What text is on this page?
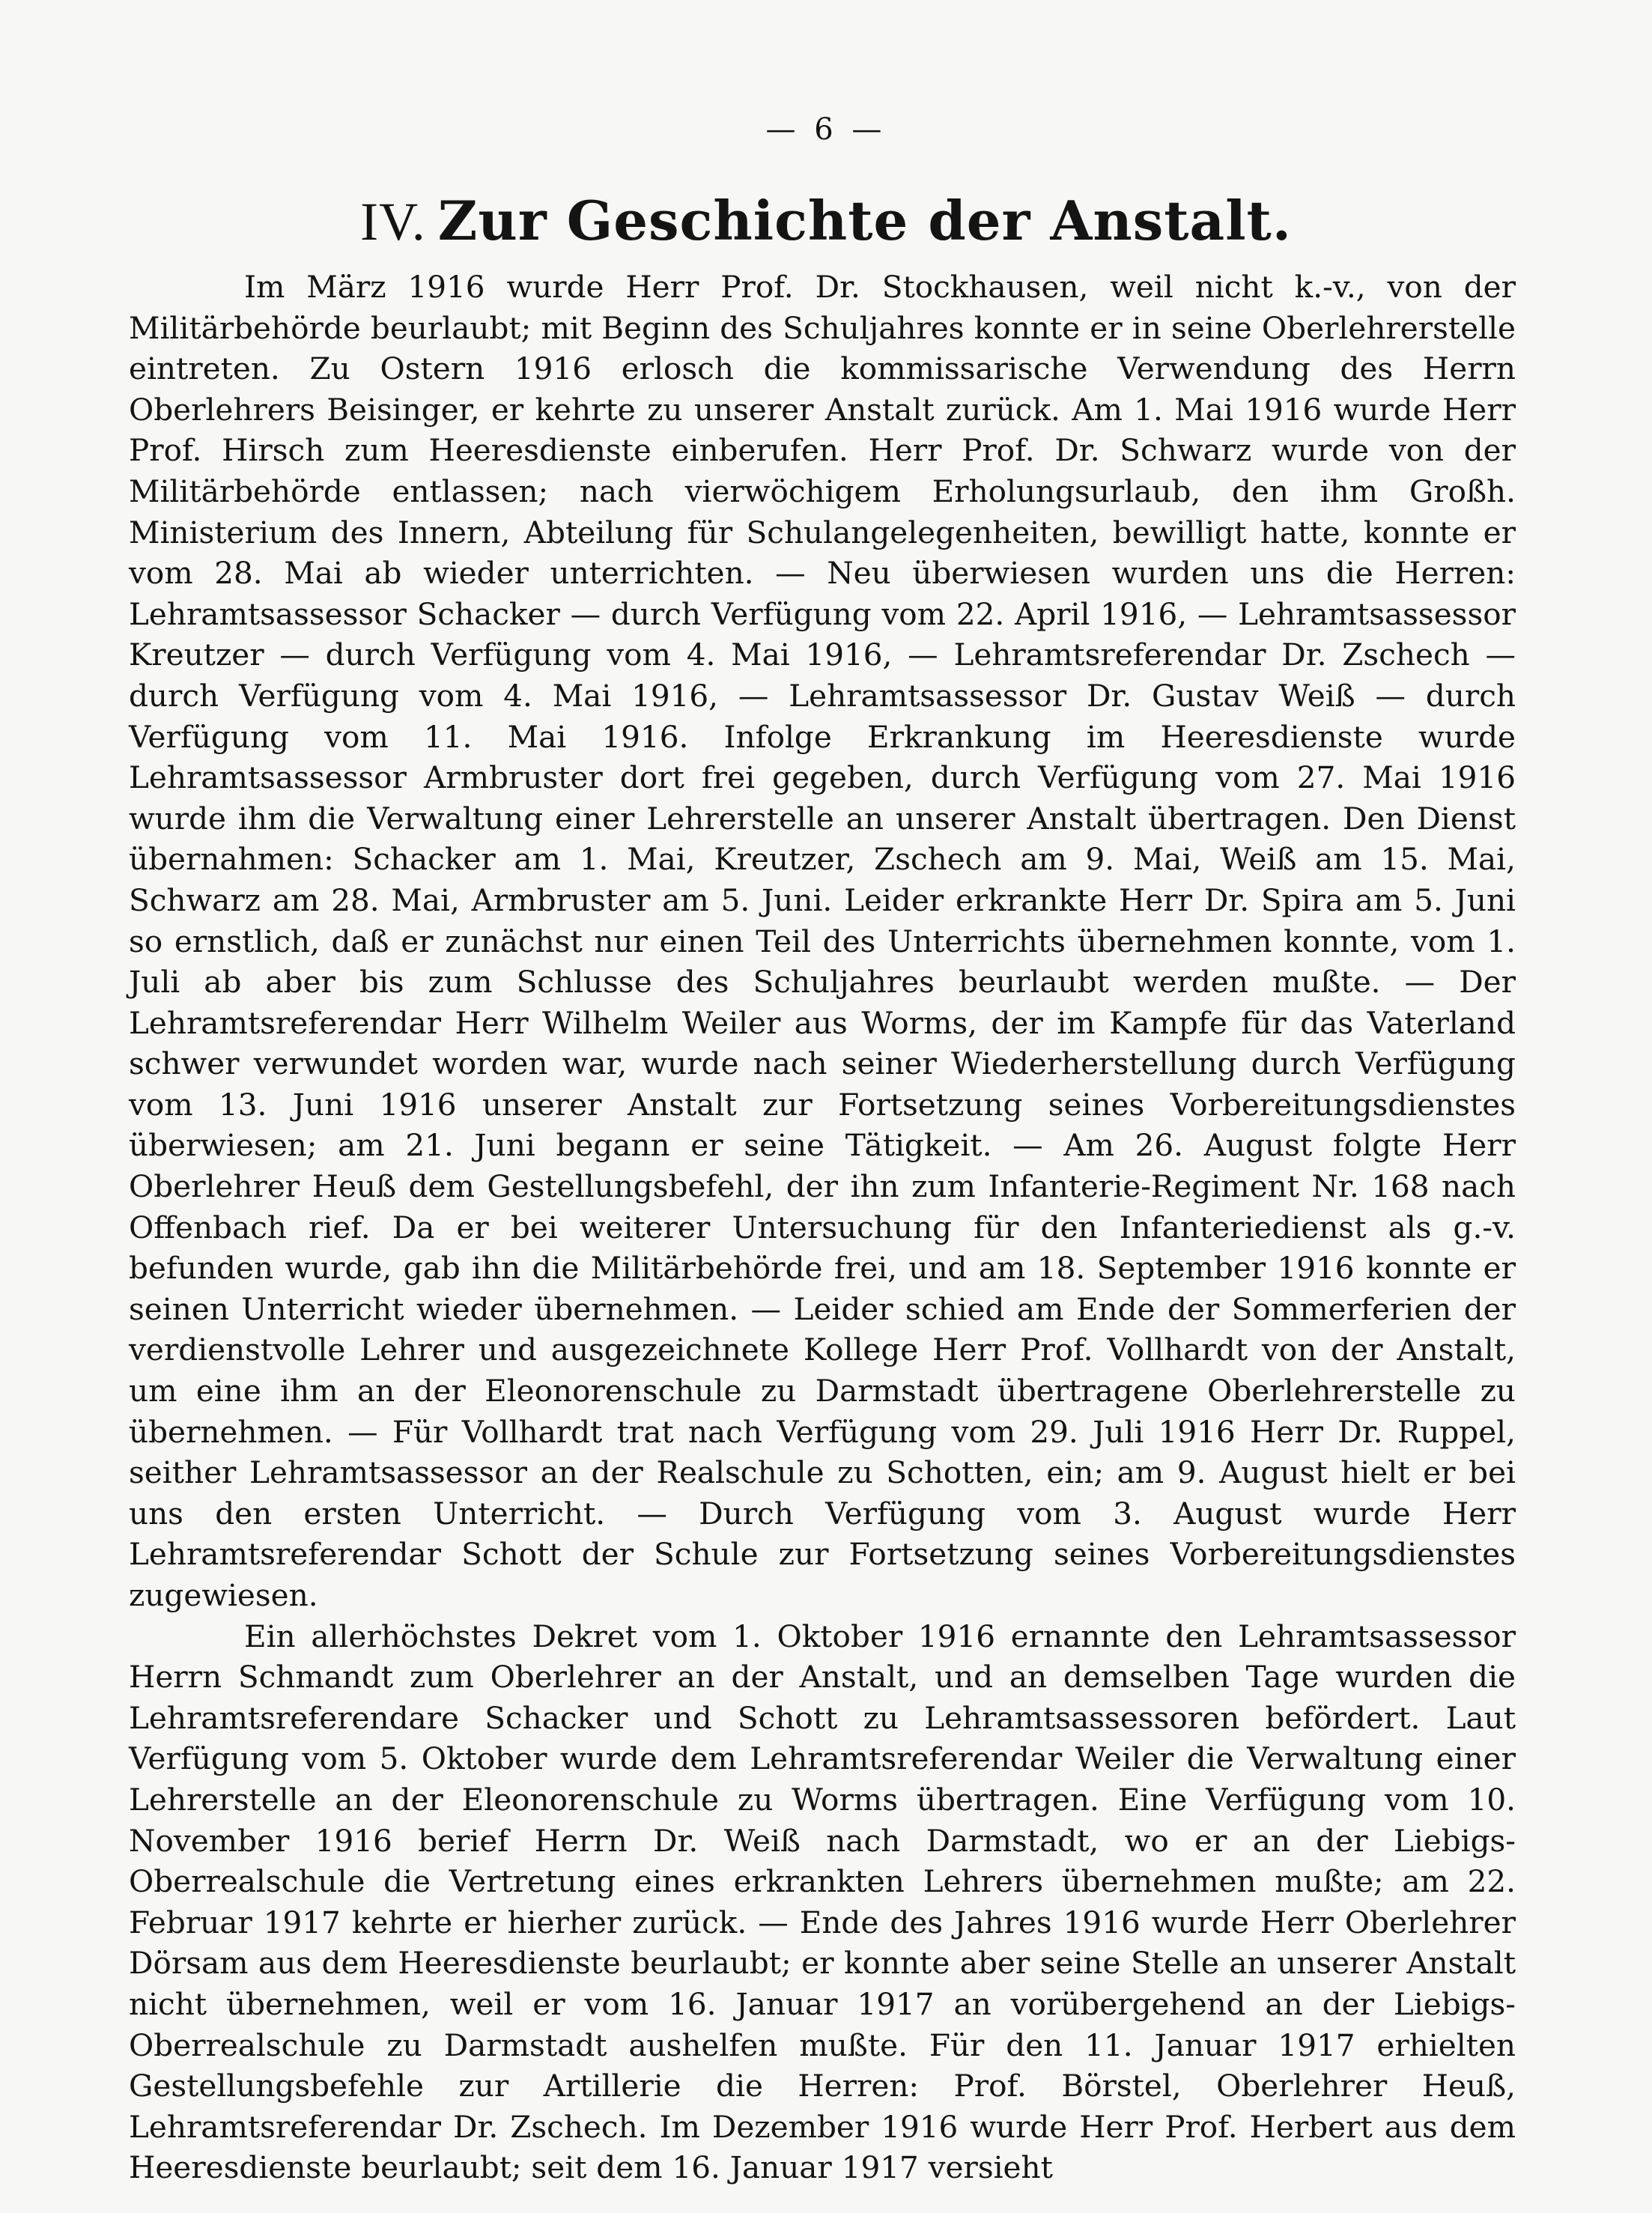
— 6 —
IV. Zur Geschichte der Anstalt.

Im März 1916 wurde Herr Prof. Dr. Stockhausen, weil nicht k.-v., von der Militärbehörde beurlaubt; mit Beginn des Schuljahres konnte er in seine Oberlehrerstelle eintreten. Zu Ostern 1916 erlosch die kommissarische Verwendung des Herrn Oberlehrers Beisinger, er kehrte zu unserer Anstalt zurück. Am 1. Mai 1916 wurde Herr Prof. Hirsch zum Heeresdienste einberufen. Herr Prof. Dr. Schwarz wurde von der Militärbehörde entlassen; nach vierwöchigem Erholungsurlaub, den ihm Großh. Ministerium des Innern, Abteilung für Schulangelegenheiten, bewilligt hatte, konnte er vom 28. Mai ab wieder unterrichten. — Neu überwiesen wurden uns die Herren: Lehramtsassessor Schacker — durch Verfügung vom 22. April 1916, — Lehramtsassessor Kreutzer — durch Verfügung vom 4. Mai 1916, — Lehramtsreferendar Dr. Zschech — durch Verfügung vom 4. Mai 1916, — Lehramtsassessor Dr. Gustav Weiß — durch Verfügung vom 11. Mai 1916. Infolge Erkrankung im Heeresdienste wurde Lehramtsassessor Armbruster dort frei gegeben, durch Verfügung vom 27. Mai 1916 wurde ihm die Verwaltung einer Lehrerstelle an unserer Anstalt übertragen. Den Dienst übernahmen: Schacker am 1. Mai, Kreutzer, Zschech am 9. Mai, Weiß am 15. Mai, Schwarz am 28. Mai, Armbruster am 5. Juni. Leider erkrankte Herr Dr. Spira am 5. Juni so ernstlich, daß er zunächst nur einen Teil des Unterrichts übernehmen konnte, vom 1. Juli ab aber bis zum Schlusse des Schuljahres beurlaubt werden mußte. — Der Lehramtsreferendar Herr Wilhelm Weiler aus Worms, der im Kampfe für das Vaterland schwer verwundet worden war, wurde nach seiner Wiederherstellung durch Verfügung vom 13. Juni 1916 unserer Anstalt zur Fortsetzung seines Vorbereitungsdienstes überwiesen; am 21. Juni begann er seine Tätigkeit. — Am 26. August folgte Herr Oberlehrer Heuß dem Gestellungsbefehl, der ihn zum Infanterie-Regiment Nr. 168 nach Offenbach rief. Da er bei weiterer Untersuchung für den Infanteriedienst als g.-v. befunden wurde, gab ihn die Militärbehörde frei, und am 18. September 1916 konnte er seinen Unterricht wieder übernehmen. — Leider schied am Ende der Sommerferien der verdienstvolle Lehrer und ausgezeichnete Kollege Herr Prof. Vollhardt von der Anstalt, um eine ihm an der Eleonorenschule zu Darmstadt übertragene Oberlehrerstelle zu übernehmen. — Für Vollhardt trat nach Verfügung vom 29. Juli 1916 Herr Dr. Ruppel, seither Lehramtsassessor an der Realschule zu Schotten, ein; am 9. August hielt er bei uns den ersten Unterricht. — Durch Verfügung vom 3. August wurde Herr Lehramtsreferendar Schott der Schule zur Fortsetzung seines Vorbereitungsdienstes zugewiesen.

Ein allerhöchstes Dekret vom 1. Oktober 1916 ernannte den Lehramtsassessor Herrn Schmandt zum Oberlehrer an der Anstalt, und an demselben Tage wurden die Lehramtsreferendare Schacker und Schott zu Lehramtsassessoren befördert. Laut Verfügung vom 5. Oktober wurde dem Lehramtsreferendar Weiler die Verwaltung einer Lehrerstelle an der Eleonorenschule zu Worms übertragen. Eine Verfügung vom 10. November 1916 berief Herrn Dr. Weiß nach Darmstadt, wo er an der Liebigs-Oberrealschule die Vertretung eines erkrankten Lehrers übernehmen mußte; am 22. Februar 1917 kehrte er hierher zurück. — Ende des Jahres 1916 wurde Herr Oberlehrer Dörsam aus dem Heeresdienste beurlaubt; er konnte aber seine Stelle an unserer Anstalt nicht übernehmen, weil er vom 16. Januar 1917 an vorübergehend an der Liebigs-Oberrealschule zu Darmstadt aushelfen mußte. Für den 11. Januar 1917 erhielten Gestellungsbefehle zur Artillerie die Herren: Prof. Börstel, Oberlehrer Heuß, Lehramtsreferendar Dr. Zschech. Im Dezember 1916 wurde Herr Prof. Herbert aus dem Heeresdienste beurlaubt; seit dem 16. Januar 1917 versieht
